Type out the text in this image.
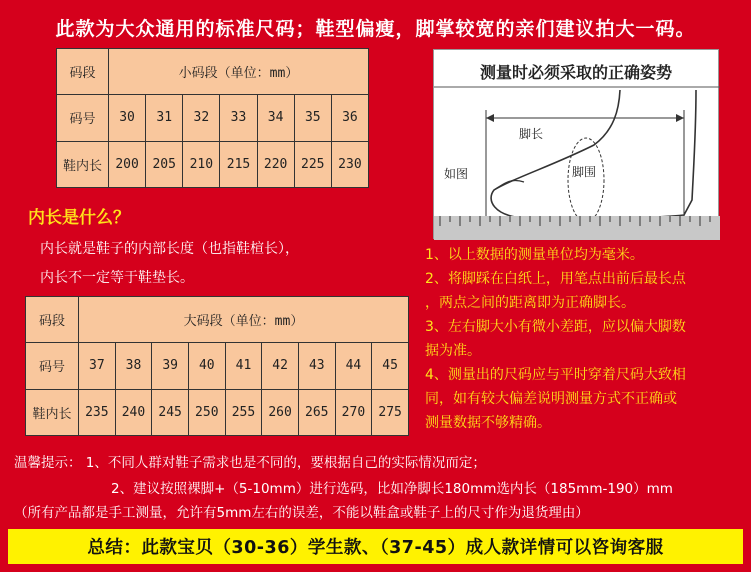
此款为大众通用的标准尺码；鞋型偏瘦，脚掌较宽的亲们建议拍大一码。
码段	小码段（单位：mm）						
码号	30	31	32	33	34	35	36
鞋内长	200	205	210	215	220	225	230
测量时必须采取的正确姿势
脚长
脚围
如图
内长是什么？
内长就是鞋子的内部长度（也指鞋楦长），
内长不一定等于鞋垫长。
1、以上数据的测量单位均为毫米。
2、将脚踩在白纸上，用笔点出前后最长点
，两点之间的距离即为正确脚长。
3、左右脚大小有微小差距，应以偏大脚数
据为准。
4、测量出的尺码应与平时穿着尺码大致相
同，如有较大偏差说明测量方式不正确或
测量数据不够精确。
码段	大码段（单位：mm）								
码号	37	38	39	40	41	42	43	44	45
鞋内长	235	240	245	250	255	260	265	270	275
温馨提示： 1、不同人群对鞋子需求也是不同的，要根据自己的实际情况而定；
2、建议按照裸脚+（5-10mm）进行选码，比如净脚长180mm选内长（185mm-190）mm
（所有产品都是手工测量，允许有5mm左右的误差，不能以鞋盒或鞋子上的尺寸作为退货理由）
总结：此款宝贝（30-36）学生款、（37-45）成人款详情可以咨询客服
